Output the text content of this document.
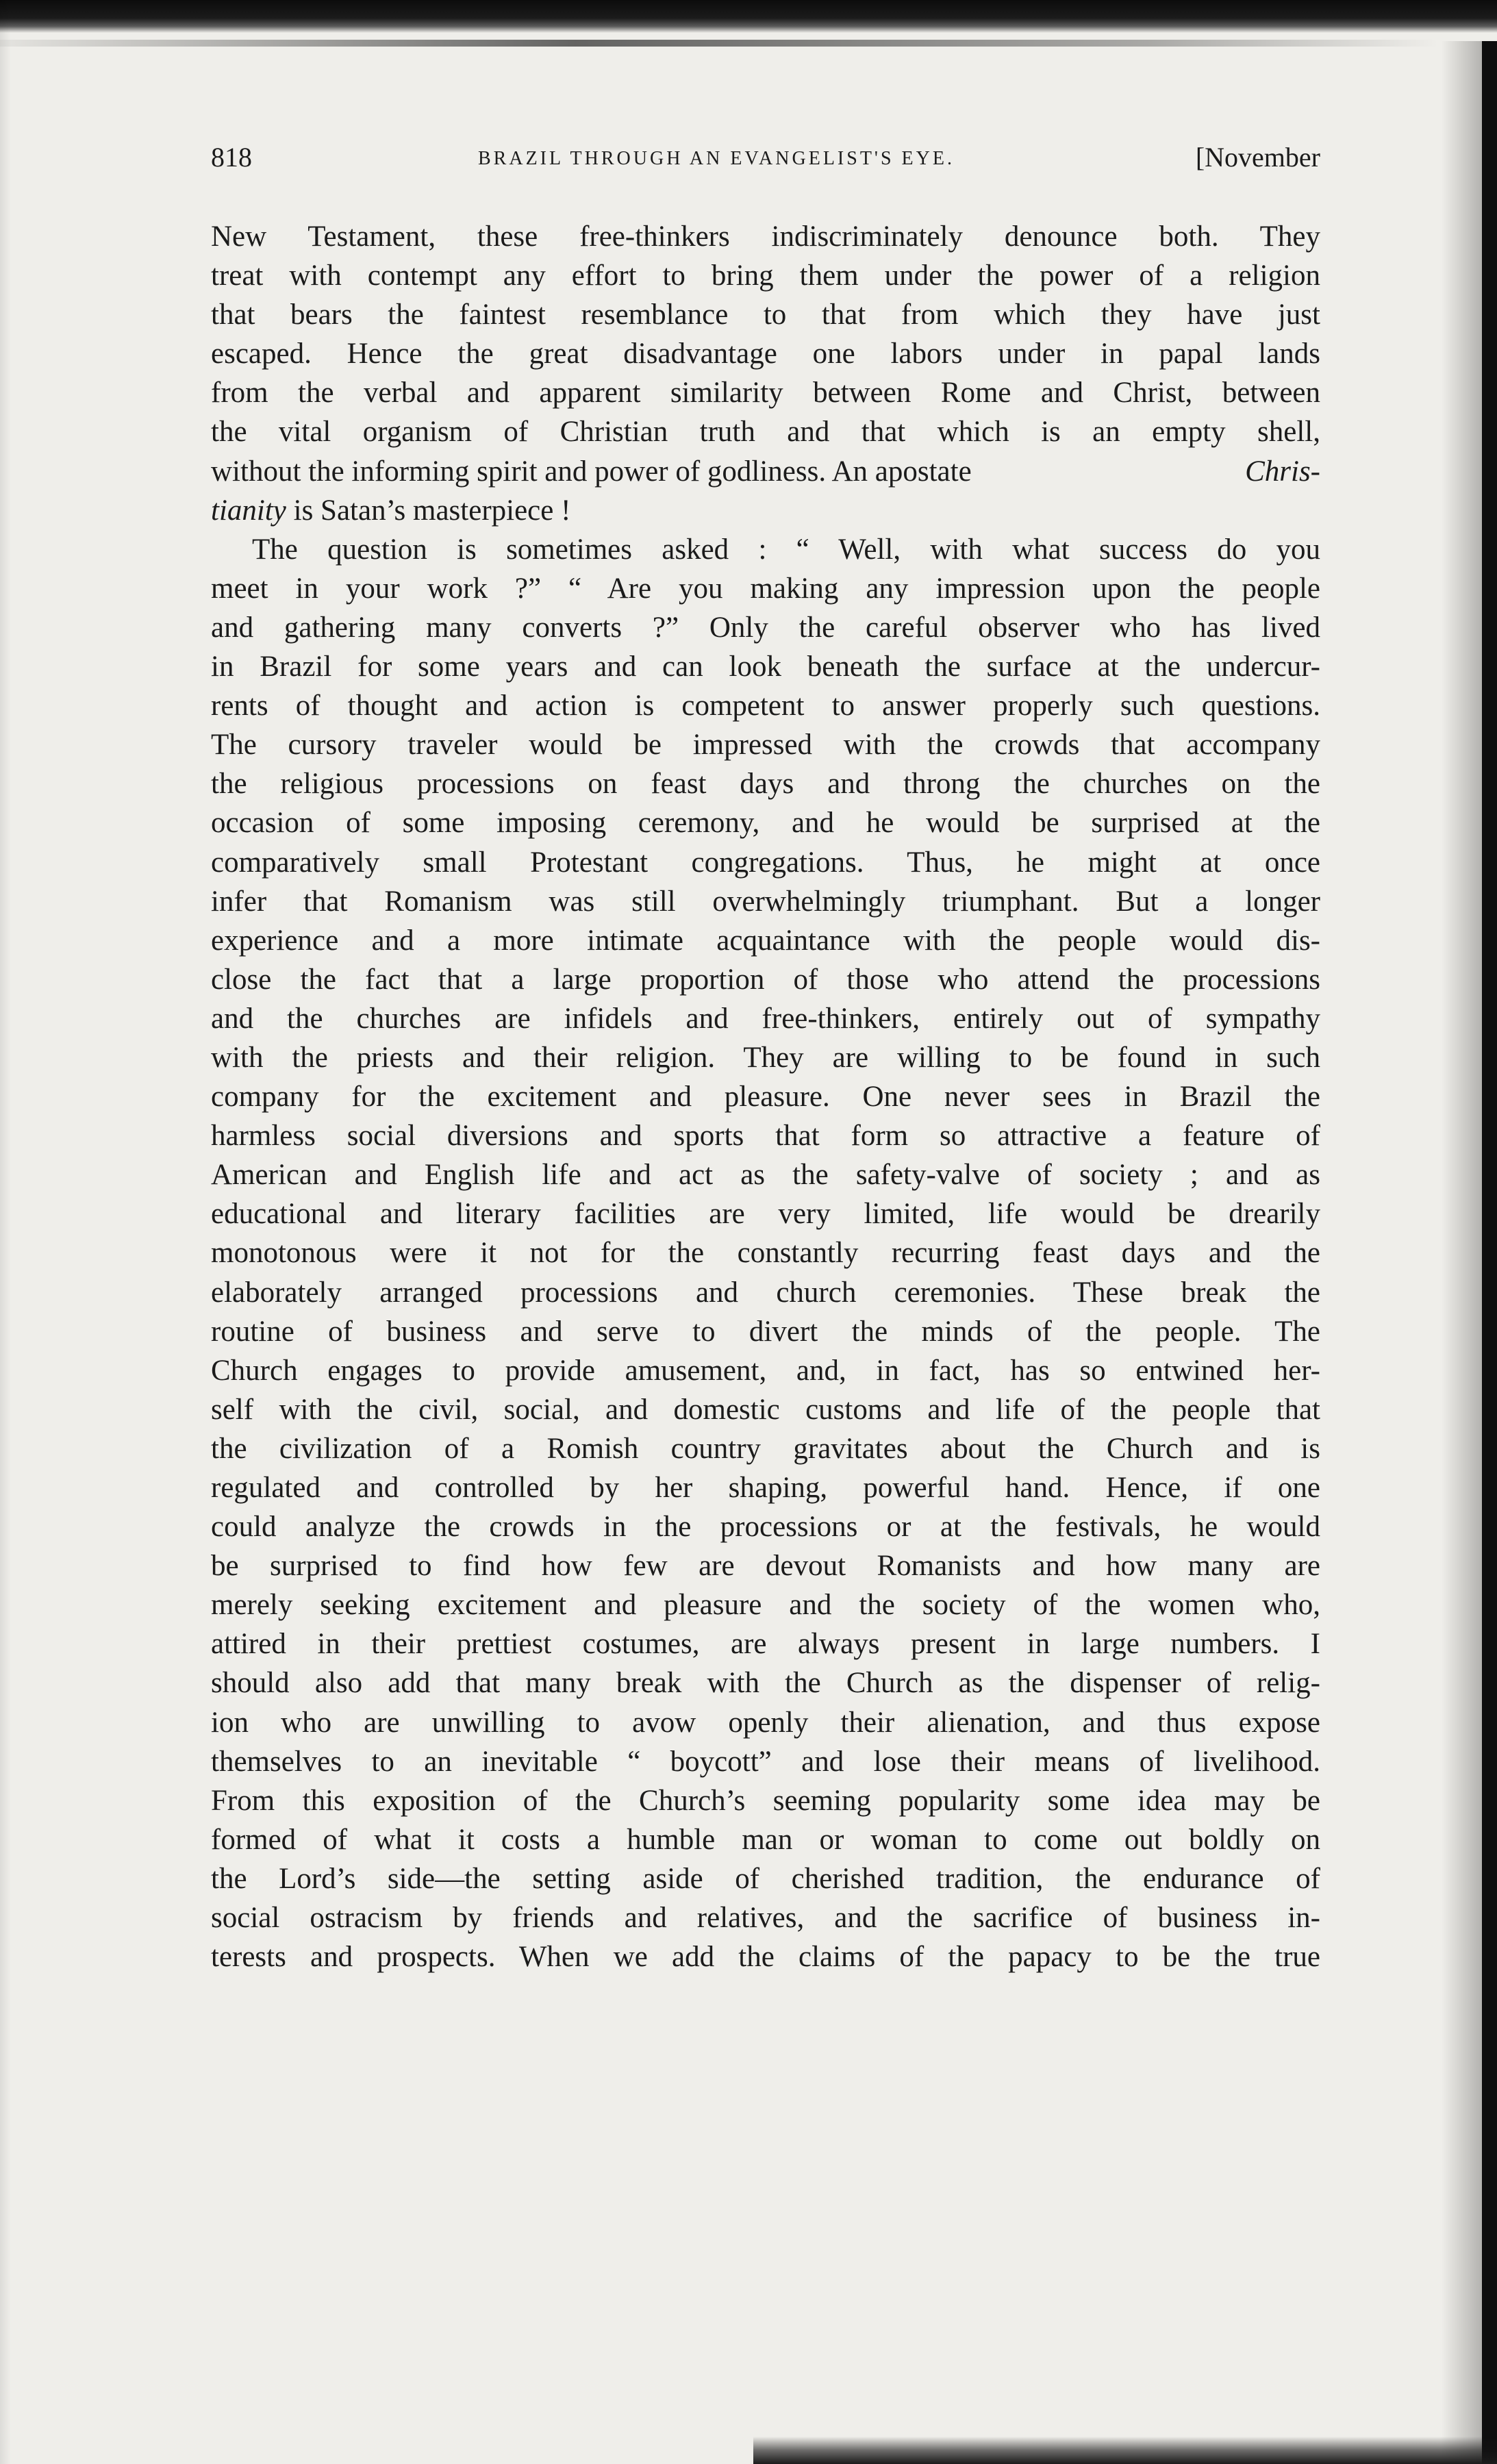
818	BRAZIL THROUGH AN EVANGELIST'S EYE.	[November
New Testament, these free-thinkers indiscriminately denounce both. They
treat with contempt any effort to bring them under the power of a religion
that bears the faintest resemblance to that from which they have just
escaped. Hence the great disadvantage one labors under in papal lands
from the verbal and apparent similarity between Rome and Christ, between
the vital organism of Christian truth and that which is an empty shell,
without the informing spirit and power of godliness. An apostate	Chris-
tianity is Satan’s masterpiece !
The question is sometimes asked : “ Well, with what success do you
meet in your work ?” “ Are you making any impression upon the people
and gathering many converts ?” Only the careful observer who has lived
in Brazil for some years and can look beneath the surface at the undercur-
rents of thought and action is competent to answer properly such questions.
The cursory traveler would be impressed with the crowds that accompany
the religious processions on feast days and throng the churches on the
occasion of some imposing ceremony, and he would be surprised at the
comparatively small Protestant congregations. Thus, he might at once
infer that Romanism was still overwhelmingly triumphant. But a longer
experience and a more intimate acquaintance with the people would dis-
close the fact that a large proportion of those who attend the processions
and the churches are infidels and free-thinkers, entirely out of sympathy
with the priests and their religion. They are willing to be found in such
company for the excitement and pleasure. One never sees in Brazil the
harmless social diversions and sports that form so attractive a feature of
American and English life and act as the safety-valve of society ; and as
educational and literary facilities are very limited, life would be drearily
monotonous were it not for the constantly recurring feast days and the
elaborately arranged processions and church ceremonies. These break the
routine of business and serve to divert the minds of the people. The
Church engages to provide amusement, and, in fact, has so entwined her-
self with the civil, social, and domestic customs and life of the people that
the civilization of a Romish country gravitates about the Church and is
regulated and controlled by her shaping, powerful hand. Hence, if one
could analyze the crowds in the processions or at the festivals, he would
be surprised to find how few are devout Romanists and how many are
merely seeking excitement and pleasure and the society of the women who,
attired in their prettiest costumes, are always present in large numbers. I
should also add that many break with the Church as the dispenser of relig-
ion who are unwilling to avow openly their alienation, and thus expose
themselves to an inevitable “ boycott” and lose their means of livelihood.
From this exposition of the Church’s seeming popularity some idea may be
formed of what it costs a humble man or woman to come out boldly on
the Lord’s side—the setting aside of cherished tradition, the endurance of
social ostracism by friends and relatives, and the sacrifice of business in-
terests and prospects. When we add the claims of the papacy to be the true
